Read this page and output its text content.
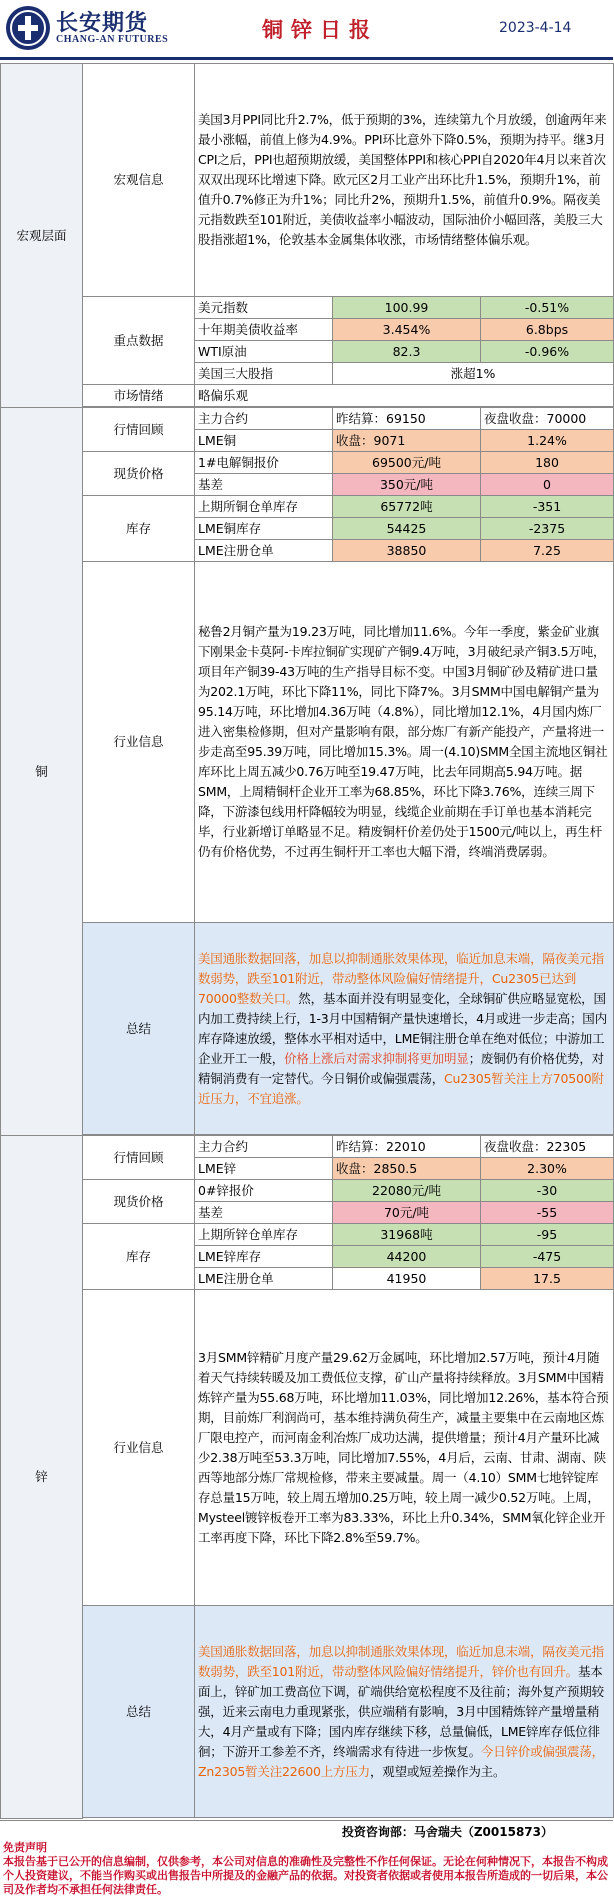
长安期货
CHANG-AN FUTURES	铜锌日报	2023-4-14
宏观层面	宏观信息	美国3月PPI同比升2.7%，低于预期的3%，连续第九个月放缓，创逾两年来最小涨幅，前值上修为4.9%。PPI环比意外下降0.5%，预期为持平。继3月CPI之后，PPI也超预期放缓，美国整体PPI和核心PPI自2020年4月以来首次双双出现环比增速下降。欧元区2月工业产出环比升1.5%，预期升1%，前值升0.7%修正为升1%；同比升2%，预期升1.5%，前值升0.9%。隔夜美元指数跌至101附近，美债收益率小幅波动，国际油价小幅回落，美股三大股指涨超1%，伦敦基本金属集体收涨，市场情绪整体偏乐观。		
	重点数据	美元指数	100.99	-0.51%
		十年期美债收益率	3.454%	6.8bps
		WTI原油	82.3	-0.96%
		美国三大股指	涨超1%	
	市场情绪	略偏乐观		

铜	行情回顾	主力合约	昨结算：69150	夜盘收盘：70000
		LME铜	收盘：9071	1.24%
	现货价格	1#电解铜报价	69500元/吨	180
		基差	350元/吨	0
	库存	上期所铜仓单库存	65772吨	-351
		LME铜库存	54425	-2375
		LME注册仓单	38850	7.25
	行业信息	秘鲁2月铜产量为19.23万吨，同比增加11.6%。今年一季度，紫金矿业旗下刚果金卡莫阿-卡库拉铜矿实现矿产铜9.4万吨，3月破纪录产铜3.5万吨，项目年产铜39-43万吨的生产指导目标不变。中国3月铜矿砂及精矿进口量为202.1万吨，环比下降11%，同比下降7%。3月SMM中国电解铜产量为95.14万吨，环比增加4.36万吨（4.8%），同比增加12.1%，4月国内炼厂进入密集检修期，但对产量影响有限，部分炼厂有新产能投产，产量将进一步走高至95.39万吨，同比增加15.3%。周一(4.10)SMM全国主流地区铜社库环比上周五减少0.76万吨至19.47万吨，比去年同期高5.94万吨。据SMM，上周精铜杆企业开工率为68.85%，环比下降3.76%，连续三周下降，下游漆包线用杆降幅较为明显，线缆企业前期在手订单也基本消耗完毕，行业新增订单略显不足。精废铜杆价差仍处于1500元/吨以上，再生杆仍有价格优势，不过再生铜杆开工率也大幅下滑，终端消费孱弱。		
	总结	美国通胀数据回落，加息以抑制通胀效果体现，临近加息末端，隔夜美元指数弱势，跌至101附近，带动整体风险偏好情绪提升，Cu2305已达到70000整数关口。然，基本面并没有明显变化，全球铜矿供应略显宽松，国内加工费持续上行，1-3月中国精铜产量快速增长，4月或进一步走高；国内库存降速放缓，整体水平相对适中，LME铜注册仓单在绝对低位；中游加工企业开工一般，价格上涨后对需求抑制将更加明显；废铜仍有价格优势，对精铜消费有一定替代。今日铜价或偏强震荡，Cu2305暂关注上方70500附近压力，不宜追涨。		

锌	行情回顾	主力合约	昨结算：22010	夜盘收盘：22305
		LME锌	收盘：2850.5	2.30%
	现货价格	0#锌报价	22080元/吨	-30
		基差	70元/吨	-55
	库存	上期所锌仓单库存	31968吨	-95
		LME锌库存	44200	-475
		LME注册仓单	41950	17.5
	行业信息	3月SMM锌精矿月度产量29.62万金属吨，环比增加2.57万吨，预计4月随着天气持续转暖及加工费低位支撑，矿山产量将持续释放。3月SMM中国精炼锌产量为55.68万吨，环比增加11.03%，同比增加12.26%，基本符合预期，目前炼厂利润尚可，基本维持满负荷生产，减量主要集中在云南地区炼厂限电控产，而河南金利冶炼厂成功达满，提供增量；预计4月产量环比减少2.38万吨至53.3万吨，同比增加7.55%，4月后，云南、甘肃、湖南、陕西等地部分炼厂常规检修，带来主要减量。周一（4.10）SMM七地锌锭库存总量15万吨，较上周五增加0.25万吨，较上周一减少0.52万吨。上周，Mysteel镀锌板卷开工率为83.33%，环比上升0.34%，SMM氧化锌企业开工率再度下降，环比下降2.8%至59.7%。		
	总结	美国通胀数据回落，加息以抑制通胀效果体现，临近加息末端，隔夜美元指数弱势，跌至101附近，带动整体风险偏好情绪提升，锌价也有回升。基本面上，锌矿加工费高位下调，矿端供给宽松程度不及往前；海外复产预期较强，近来云南电力重现紧张，供应端稍有影响，3月中国精炼锌产量增量稍大，4月产量或有下降；国内库存继续下移，总量偏低，LME锌库存低位徘徊；下游开工参差不齐，终端需求有待进一步恢复。今日锌价或偏强震荡，Zn2305暂关注22600上方压力，观望或短差操作为主。		

投资咨询部：马舍瑞夫（Z0015873）
免责声明
本报告基于已公开的信息编制，仅供参考，本公司对信息的准确性及完整性不作任何保证。无论在何种情况下，本报告不构成个人投资建议，不能当作购买或出售报告中所提及的金融产品的依据。对投资者依据或者使用本报告所造成的一切后果，本公司及作者均不承担任何法律责任。
